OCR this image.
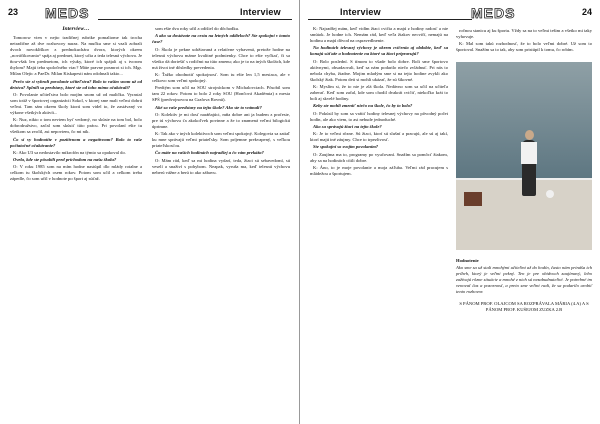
23 MEDS	Interview

Interview…

Tomorow vien v nejto tradičnej rubrike pomaliome tak trocha netradične až dve rozhovory naraz. Na mučku sme si vzali zobrali dvoch novokliškov z prednokuchára dvora, ktorých okrem „nováčikovania“ spája aj predmet, ktorý učia a teda telesná výchova. Je ňou-však len predmetom, ich výuky, ktoré ich spájali aj s tvorom ihylom? Majú teba spoločného viac? Máte pravne posmrot si ich. Mgr. Milan Olejic a PaeDr. Milan Kiskapesti nám odohnali takto...

Prečo ste si vybrali povolanie učiteľstva? Bolo to vaším snom už od detstva? Splnili sa predstavy, ktoré ste od toho mimo očakávali?

O: Povolanie učiteľstva bolo mojím snom už od malička. Vyrastal som totiž v športovej organizácii Sokol, v ktorej sme mali veľmi dobrú veľmi. Tam sám okrem školy ktorú som videl to, že zastávaný vo výkone všetkých aktivít...

K: Nuz, nikto o tom neviem byť vedomý, no skúste na tom bol, bolo dobrodružstvo, začal som skúsiť túto prácu. Pri povolaní ešte tu všetkom sa zvolil, asi nepoviem, čo mi nik.

Čo si vy hodnotíte v pozitívnom a negatívnom? Bolo to vaše počiatočné očakávanie?

K: Ako U3 sa nedostavilo mikrofón na týmto sa opakoval do.

Ovela, kde ste pôsobili pred príchodom na našu školu?

O: V roku 1985 som na mím hodne nastúpil dlo mlády rotalne a celkom tu školských osem rokov. Potom som učil a celkom treba zápedle, čo som učil v hodnote po šport aj súťaž.

som ešte dva roky učil a odišiel do dôchodku.

A ako sa dostávate na cestu na letných oddieloch? Ste spokojní v tomto čase?

O: Škola je pekne udržiavaná a relatívne vybavená, pretože hodne na telesnú výchovu máme kvalitné podmienky. Chce to ešte vyčkať, či sa všetko dá doriešiť s rodičmi na túto zmenu; ako je to na iných školách, kde má život iné dôsledky prevedenia.

K: Ťažko ohodnotiť spokojnosť. Som tu ešte len 1,5 mesiaca, ale v celkovo som veľmi spokojný.

Predtým som učil na SOU strojníckom v Michalovciach. Pôsobil som tam 22 rokov. Potom to bolo 2 roky SOU (Hončová Akadémia) z mesta SPŠ (predvojnovou na Grafova Rovnú).

Aké sa vaše predstavy na tejto škole? Ako ste to vnímali?

O: Kolektív je mi dosť naráňajúci, mňa dobre ani ja budem z profesie, pre tú výchovu ťa akokoľvek povinne a že to znamená veľmi bilogickú úprimne.

K: Tak ako v iných kolektívoch som veľmi spokojný. Kolegovia sa zatiaľ ku mne správajú veľmi priateľsky. Som príjemne prekvapený, s veľkou priateľskosťou.

Čo máte na vašich hodinách najradšej a čo vám prekáža?

O: Mám rád, keď sa mi hodina vydarí, teda, žiaci sú sebavedomí, sú veselí a snaživí s pohybom. Neapak, vyruša ma, keď telesnú výchovu neberú vážne a berú to ako zábavu.

Interview	MEDS	24

K: Najradšej mám, keď vidím žiaci cvičia a majú z hodiny radosť a nie smútok. Je hodne ich. Nemám rád, keď veľa žiakov necvičí, nemajú na hodinu a majú dôvod na ospravedlnenie.

Na hodinách telesnej výchovy je okrem cvičenia aj obdobie, keď sa konajú súťaže a hodnotenie na ktoré sa žiaci pripravujú?

O: Bolo poslední. S tímom to všade bolo dobre. Boli sme športovo aktívnymi, obsadzovali, keď sa nám podarilo niečo zvládnuť. Pri nás to nebola chyba, žiadne. Mojim mladým sme si na tejto hodine zvykli ako školský žiak. Potom deti si mohli ukázať, že sú šikovné.

K: Myslím si, že to nie je zlá škola. Nedávno som sa učil na učiteľa zaberať. Keď som začal, kde som chodil dvakrát cvičiť, niekoľko krát to boli aj skvelé hodiny.

Keby ste mohli zmeniť niečo na škole, čo by to bolo?

O: Pokúsil by som sa vrátiť hodiny telesnej výchovy na pôvodný počet hodín, ale ako viem, to asi nebude jednoduché.

Ako sa správajú žiaci na tejto škole?

K: Je to veľmi rôzne. Sú žiaci, ktorí sú slušní a pracujú, ale sú aj takí, ktorí majú iné záujmy. Chce to trpezlivosť.

Ste spokojní so svojím povolaním?

O: Zaujíma ma to, programy po vyučovaní. Snažím sa pomôcť žiakom, aby sa na hodinách cítili dobre.

K: Áno, to je moje povolanie a moja záľuba. Veľmi rád pracujem s mládežou a športujem.

ročnou stanicu aj ku športu. Vždy sa na to veľmi tešim a všetko mi taky vyhovuje.

K: Mal som takú rozhodnosť, že to bolo veľmi dobré. Už som to športoval. Snažím sa to tak, aby som pristúpil k tomu, čo robím.

Hodnotenie
Ako sme sa už stali mnohými učiteľmi až do hodín, často nám prináša ich príbeh, ktorý je veľmi pekný. Ten je pre obidvoch zaujímavý, lebo zažívajú rôzne situácie a mnohé z nich sú nezabudnuteľné. Je potrebné im venovať čas a pozornosť, a preto sme veľmi radi, že sa podarilo urobiť tento rozhovor.
S PÁNOM PROF. OLAJCOM SA ROZPRÁVALA MÁRIA (4.A) A S PÁNOM PROF. KUŠEJOM ZUZKA 2.B
